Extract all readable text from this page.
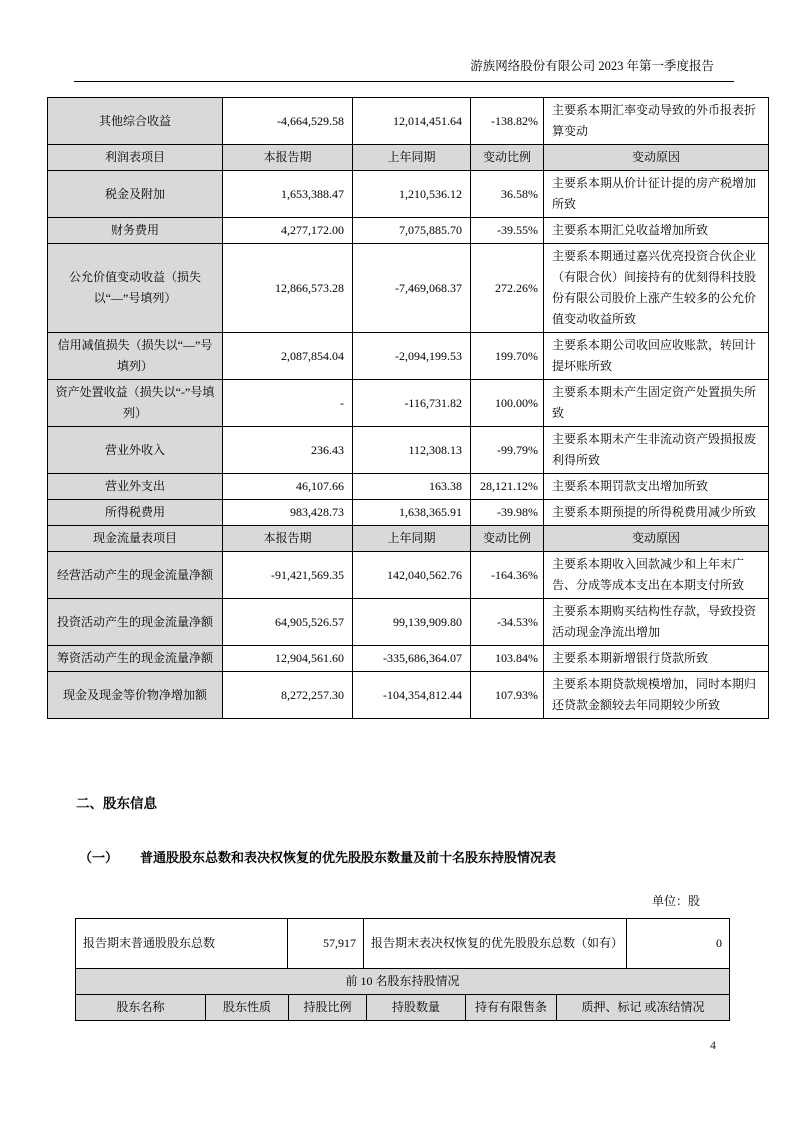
游族网络股份有限公司 2023 年第一季度报告
其他综合收益	-4,664,529.58	12,014,451.64	-138.82%	主要系本期汇率变动导致的外币报表折算变动
利润表项目	本报告期	上年同期	变动比例	变动原因
税金及附加	1,653,388.47	1,210,536.12	36.58%	主要系本期从价计征计提的房产税增加所致
财务费用	4,277,172.00	7,075,885.70	-39.55%	主要系本期汇兑收益增加所致
公允价值变动收益（损失以“—”号填列）	12,866,573.28	-7,469,068.37	272.26%	主要系本期通过嘉兴优亮投资合伙企业（有限合伙）间接持有的优刻得科技股份有限公司股价上涨产生较多的公允价值变动收益所致
信用减值损失（损失以“—”号填列）	2,087,854.04	-2,094,199.53	199.70%	主要系本期公司收回应收账款，转回计提坏账所致
资产处置收益（损失以“-”号填列）	-	-116,731.82	100.00%	主要系本期未产生固定资产处置损失所致
营业外收入	236.43	112,308.13	-99.79%	主要系本期未产生非流动资产毁损报废利得所致
营业外支出	46,107.66	163.38	28,121.12%	主要系本期罚款支出增加所致
所得税费用	983,428.73	1,638,365.91	-39.98%	主要系本期预提的所得税费用减少所致
现金流量表项目	本报告期	上年同期	变动比例	变动原因
经营活动产生的现金流量净额	-91,421,569.35	142,040,562.76	-164.36%	主要系本期收入回款减少和上年末广告、分成等成本支出在本期支付所致
投资活动产生的现金流量净额	64,905,526.57	99,139,909.80	-34.53%	主要系本期购买结构性存款，导致投资活动现金净流出增加
筹资活动产生的现金流量净额	12,904,561.60	-335,686,364.07	103.84%	主要系本期新增银行贷款所致
现金及现金等价物净增加额	8,272,257.30	-104,354,812.44	107.93%	主要系本期贷款规模增加，同时本期归还贷款金额较去年同期较少所致
二、股东信息
（一） 普通股股东总数和表决权恢复的优先股股东数量及前十名股东持股情况表
单位：股
报告期末普通股股东总数	57,917	报告期末表决权恢复的优先股股东总数（如有）	0
前 10 名股东持股情况
股东名称	股东性质	持股比例	持股数量	持有有限售条	质押、标记 或冻结情况
4
